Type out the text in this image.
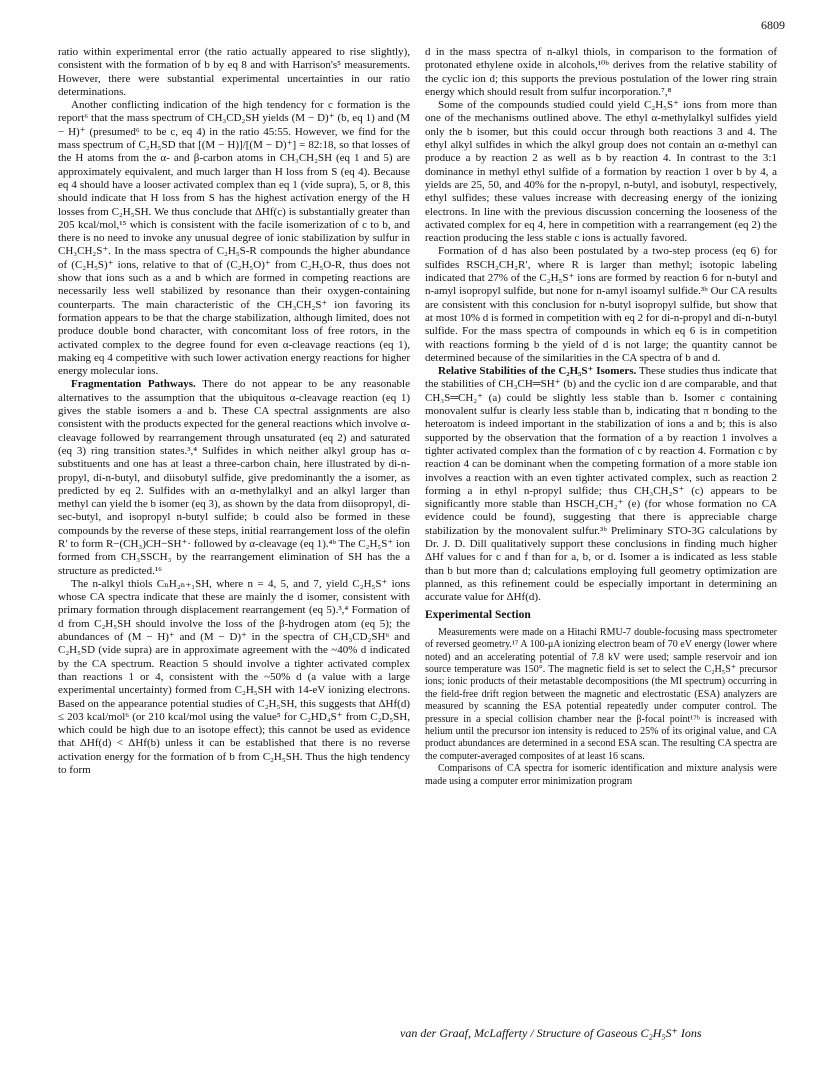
6809

ratio within experimental error (the ratio actually appeared to rise slightly), consistent with the formation of b by eq 8 and with Harrison's⁵ measurements. However, there were substantial experimental uncertainties in our ratio determinations.

Another conflicting indication of the high tendency for c formation is the report⁶ that the mass spectrum of CH₃CD₂SH yields (M − D)⁺ (b, eq 1) and (M − H)⁺ (presumed⁶ to be c, eq 4) in the ratio 45:55. However, we find for the mass spectrum of C₂H₅SD that [(M − H)]/[(M − D)⁺] = 82:18, so that losses of the H atoms from the α- and β-carbon atoms in CH₃CH₂SH (eq 1 and 5) are approximately equivalent, and much larger than H loss from S (eq 4). Because eq 4 should have a looser activated complex than eq 1 (vide supra), 5, or 8, this should indicate that H loss from S has the highest activation energy of the H losses from C₂H₅SH. We thus conclude that ΔHf(c) is substantially greater than 205 kcal/mol,¹⁵ which is consistent with the facile isomerization of c to b, and there is no need to invoke any unusual degree of ionic stabilization by sulfur in CH₃CH₂S⁺. In the mass spectra of C₂H₅S-R compounds the higher abundance of (C₂H₅S)⁺ ions, relative to that of (C₂H₅O)⁺ from C₂H₅O-R, thus does not show that ions such as a and b which are formed in competing reactions are necessarily less well stabilized by resonance than their oxygen-containing counterparts. The main characteristic of the CH₃CH₂S⁺ ion favoring its formation appears to be that the charge stabilization, although limited, does not produce double bond character, with concomitant loss of free rotors, in the activated complex to the degree found for even α-cleavage reactions (eq 1), making eq 4 competitive with such lower activation energy reactions for higher energy molecular ions.

Fragmentation Pathways. There do not appear to be any reasonable alternatives to the assumption that the ubiquitous α-cleavage reaction (eq 1) gives the stable isomers a and b. These CA spectral assignments are also consistent with the products expected for the general reactions which involve α-cleavage followed by rearrangement through unsaturated (eq 2) and saturated (eq 3) ring transition states.³,⁴ Sulfides in which neither alkyl group has α-substituents and one has at least a three-carbon chain, here illustrated by di-n-propyl, di-n-butyl, and diisobutyl sulfide, give predominantly the a isomer, as predicted by eq 2. Sulfides with an α-methylalkyl and an alkyl larger than methyl can yield the b isomer (eq 3), as shown by the data from diisopropyl, di-sec-butyl, and isopropyl n-butyl sulfide; b could also be formed in these compounds by the reverse of these steps, initial rearrangement loss of the olefin R′ to form R−(CH₃)CH−SH⁺· followed by α-cleavage (eq 1).⁴ᵇ The C₂H₅S⁺ ion formed from CH₃SSCH₃ by the rearrangement elimination of SH has the a structure as predicted.¹⁶

The n-alkyl thiols CₙH₂ₙ₊₁SH, where n = 4, 5, and 7, yield C₂H₅S⁺ ions whose CA spectra indicate that these are mainly the d isomer, consistent with primary formation through displacement rearrangement (eq 5).³,⁴ Formation of d from C₂H₅SH should involve the loss of the β-hydrogen atom (eq 5); the abundances of (M − H)⁺ and (M − D)⁺ in the spectra of CH₃CD₂SH⁶ and C₂H₅SD (vide supra) are in approximate agreement with the ~40% d indicated by the CA spectrum. Reaction 5 should involve a tighter activated complex than reactions 1 or 4, consistent with the ~50% d (a value with a large experimental uncertainty) formed from C₂H₅SH with 14-eV ionizing electrons. Based on the appearance potential studies of C₂H₅SH, this suggests that ΔHf(d) ≤ 203 kcal/mol⁶ (or 210 kcal/mol using the value⁵ for C₂HD₄S⁺ from C₂D₅SH, which could be high due to an isotope effect); this cannot be used as evidence that ΔHf(d) < ΔHf(b) unless it can be established that there is no reverse activation energy for the formation of b from C₂H₅SH. Thus the high tendency to form

d in the mass spectra of n-alkyl thiols, in comparison to the formation of protonated ethylene oxide in alcohols,¹⁰ᵇ derives from the relative stability of the cyclic ion d; this supports the previous postulation of the lower ring strain energy which should result from sulfur incorporation.⁷,⁸

Some of the compounds studied could yield C₂H₅S⁺ ions from more than one of the mechanisms outlined above. The ethyl α-methylalkyl sulfides yield only the b isomer, but this could occur through both reactions 3 and 4. The ethyl alkyl sulfides in which the alkyl group does not contain an α-methyl can produce a by reaction 2 as well as b by reaction 4. In contrast to the 3:1 dominance in methyl ethyl sulfide of a formation by reaction 1 over b by 4, a yields are 25, 50, and 40% for the n-propyl, n-butyl, and isobutyl, respectively, ethyl sulfides; these values increase with decreasing energy of the ionizing electrons. In line with the previous discussion concerning the looseness of the activated complex for eq 4, here in competition with a rearrangement (eq 2) the reaction producing the less stable c ions is actually favored.

Formation of d has also been postulated by a two-step process (eq 6) for sulfides RSCH₂CH₂R′, where R is larger than methyl; isotopic labeling indicated that 27% of the C₂H₅S⁺ ions are formed by reaction 6 for n-butyl and n-amyl isopropyl sulfide, but none for n-amyl isoamyl sulfide.³ᵇ Our CA results are consistent with this conclusion for n-butyl isopropyl sulfide, but show that at most 10% d is formed in competition with eq 2 for di-n-propyl and di-n-butyl sulfide. For the mass spectra of compounds in which eq 6 is in competition with reactions forming b the yield of d is not large; the quantity cannot be determined because of the similarities in the CA spectra of b and d.

Relative Stabilities of the C₂H₅S⁺ Isomers. These studies thus indicate that the stabilities of CH₃CH═SH⁺ (b) and the cyclic ion d are comparable, and that CH₃S═CH₂⁺ (a) could be slightly less stable than b. Isomer c containing monovalent sulfur is clearly less stable than b, indicating that π bonding to the heteroatom is indeed important in the stabilization of ions a and b; this is also supported by the observation that the formation of a by reaction 1 involves a tighter activated complex than the formation of c by reaction 4. Formation c by reaction 4 can be dominant when the competing formation of a more stable ion involves a reaction with an even tighter activated complex, such as reaction 2 forming a in ethyl n-propyl sulfide; thus CH₃CH₂S⁺ (c) appears to be significantly more stable than HSCH₂CH₂⁺ (e) (for whose formation no CA evidence could be found), suggesting that there is appreciable charge stabilization by the monovalent sulfur.³ᵇ Preliminary STO-3G calculations by Dr. J. D. Dill qualitatively support these conclusions in finding much higher ΔHf values for c and f than for a, b, or d. Isomer a is indicated as less stable than b but more than d; calculations employing full geometry optimization are planned, as this refinement could be especially important in determining an accurate value for ΔHf(d).

Experimental Section

Measurements were made on a Hitachi RMU-7 double-focusing mass spectrometer of reversed geometry.¹⁷ A 100-μA ionizing electron beam of 70 eV energy (lower where noted) and an accelerating potential of 7.8 kV were used; sample reservoir and ion source temperature was 150°. The magnetic field is set to select the C₂H₅S⁺ precursor ions; ionic products of their metastable decompositions (the MI spectrum) occurring in the field-free drift region between the magnetic and electrostatic (ESA) analyzers are measured by scanning the ESA potential repeatedly under computer control. The pressure in a special collision chamber near the β-focal point¹⁷ᵇ is increased with helium until the precursor ion intensity is reduced to 25% of its original value, and CA product abundances are determined in a second ESA scan. The resulting CA spectra are the computer-averaged composites of at least 16 scans.

Comparisons of CA spectra for isomeric identification and mixture analysis were made using a computer error minimization program

van der Graaf, McLafferty / Structure of Gaseous C₂H₅S⁺ Ions
